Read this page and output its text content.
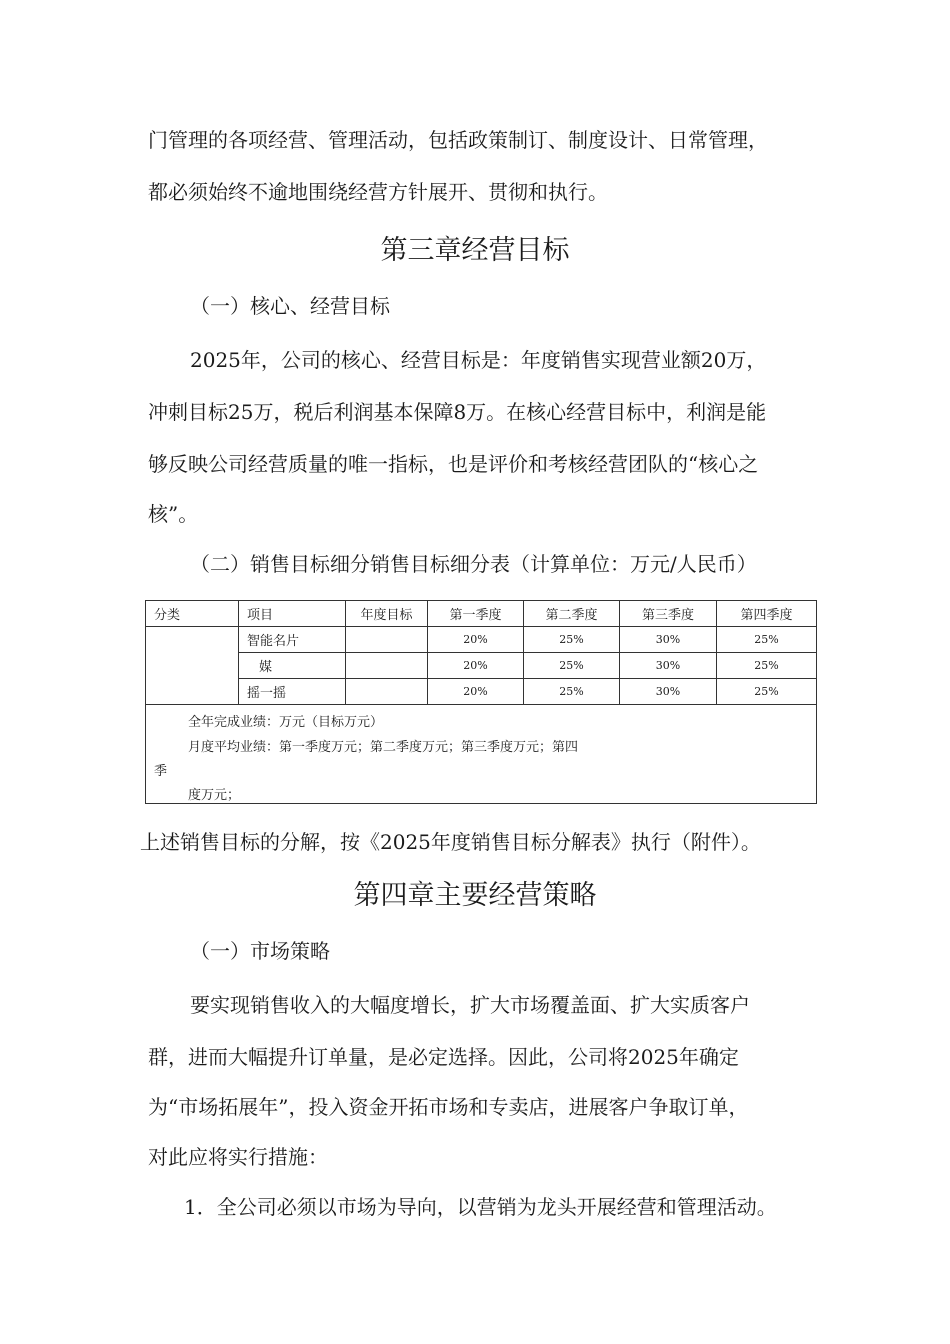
门管理的各项经营、管理活动，包括政策制订、制度设计、日常管理，
都必须始终不逾地围绕经营方针展开、贯彻和执行。
第三章经营目标
（一）核心、经营目标
2025年，公司的核心、经营目标是：年度销售实现营业额20万，
冲刺目标25万，税后利润基本保障8万。在核心经营目标中，利润是能
够反映公司经营质量的唯一指标，也是评价和考核经营团队的“核心之
核”。
（二）销售目标细分销售目标细分表（计算单位：万元/人民币）
分类	项目	年度目标	第一季度	第二季度	第三季度	第四季度
	智能名片		20%	25%	30%	25%
	媒		20%	25%	30%	25%
	摇一摇		20%	25%	30%	25%

全年完成业绩：万元（目标万元）
月度平均业绩：第一季度万元；第二季度万元；第三季度万元；第四
季
度万元；						
上述销售目标的分解，按《2025年度销售目标分解表》执行（附件）。
第四章主要经营策略
（一）市场策略
要实现销售收入的大幅度增长，扩大市场覆盖面、扩大实质客户
群，进而大幅提升订单量，是必定选择。因此，公司将2025年确定
为“市场拓展年”，投入资金开拓市场和专卖店，进展客户争取订单，
对此应将实行措施：
1．全公司必须以市场为导向，以营销为龙头开展经营和管理活动。
